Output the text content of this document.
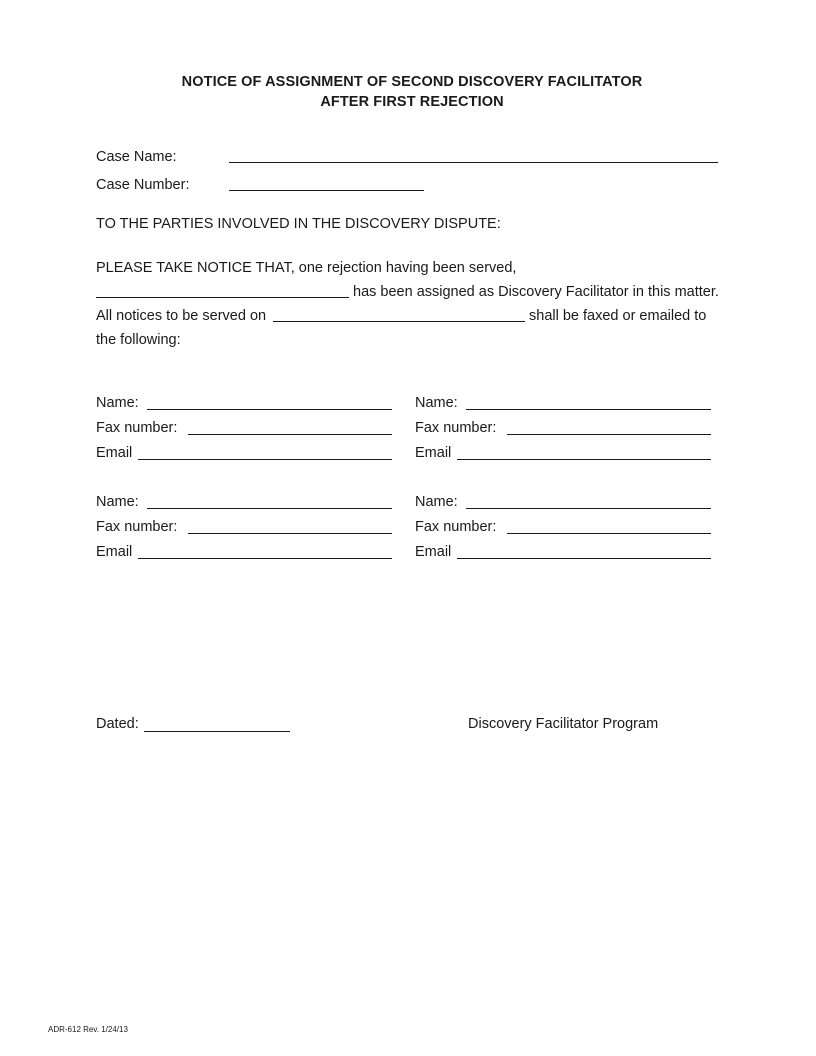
NOTICE OF ASSIGNMENT OF SECOND DISCOVERY FACILITATOR
AFTER FIRST REJECTION
Case Name:
Case Number:
TO THE PARTIES INVOLVED IN THE DISCOVERY DISPUTE:
PLEASE TAKE NOTICE THAT, one rejection having been served,
has been assigned as Discovery Facilitator in this matter.
All notices to be served on	shall be faxed or emailed to
the following:
Name:
Fax number:
Email
Name:
Fax number:
Email
Name:
Fax number:
Email
Name:
Fax number:
Email
Dated:	Discovery Facilitator Program
ADR-612 Rev. 1/24/13
